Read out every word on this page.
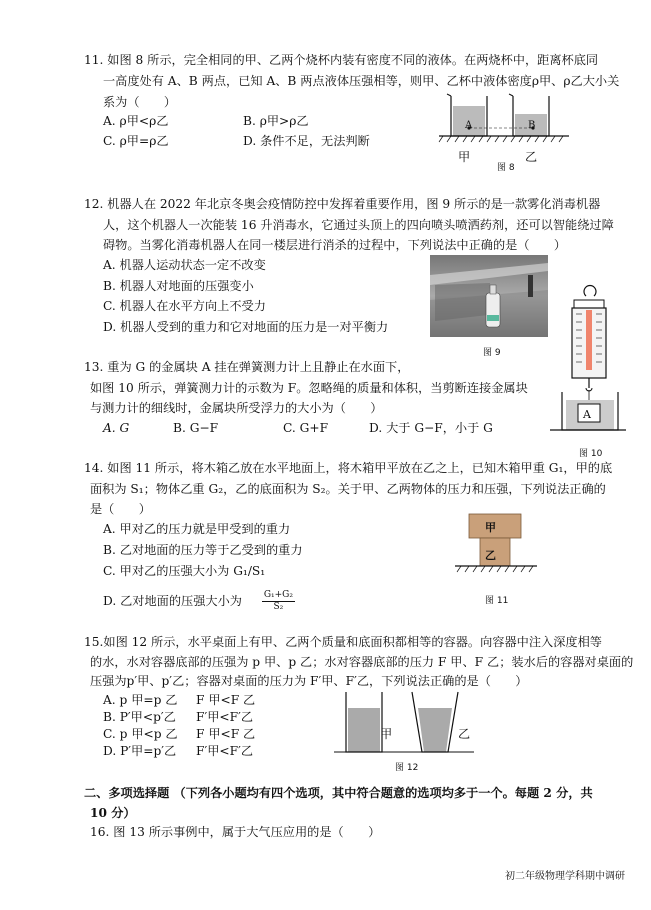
11. 如图 8 所示，完全相同的甲、乙两个烧杯内装有密度不同的液体。在两烧杯中，距离杯底同
一高度处有 A、B 两点，已知 A、B 两点液体压强相等，则甲、乙杯中液体密度ρ甲、ρ乙大小关
系为（　　）
A. ρ甲<ρ乙	B. ρ甲>ρ乙
C. ρ甲=ρ乙	D. 条件不足，无法判断
A	B
甲
图 8
乙
12. 机器人在 2022 年北京冬奥会疫情防控中发挥着重要作用，图 9 所示的是一款雾化消毒机器
人，这个机器人一次能装 16 升消毒水，它通过头顶上的四向喷头喷洒药剂，还可以智能绕过障
碍物。当雾化消毒机器人在同一楼层进行消杀的过程中，下列说法中正确的是（　　）
A. 机器人运动状态一定不改变
B. 机器人对地面的压强变小
C. 机器人在水平方向上不受力
D. 机器人受到的重力和它对地面的压力是一对平衡力
图 9
13. 重为 G 的金属块 A 挂在弹簧测力计上且静止在水面下，
如图 10 所示，弹簧测力计的示数为 F。忽略绳的质量和体积，当剪断连接金属块
与测力计的细线时，金属块所受浮力的大小为（　　）
A. G	B. G−F	C. G+F	D. 大于 G−F，小于 G
A
图 10
14. 如图 11 所示，将木箱乙放在水平地面上，将木箱甲平放在乙之上，已知木箱甲重 G₁，甲的底
面积为 S₁；物体乙重 G₂，乙的底面积为 S₂。关于甲、乙两物体的压力和压强，下列说法正确的
是（　　）
A. 甲对乙的压力就是甲受到的重力
B. 乙对地面的压力等于乙受到的重力
C. 甲对乙的压强大小为 G₁/S₁
D. 乙对地面的压强大小为 $\frac{\text{G₁+G₂}}{\text{S₂}}$
甲
乙
图 11
15.如图 12 所示，水平桌面上有甲、乙两个质量和底面积都相等的容器。向容器中注入深度相等
的水，水对容器底部的压强为 p 甲、p 乙；水对容器底部的压力 F 甲、F 乙；装水后的容器对桌面的
压强为p′甲、p′乙；容器对桌面的压力为 F′甲、F′乙，下列说法正确的是（　　）
A. p 甲=p 乙 F 甲<F 乙
B. P′甲<p′乙 F′甲<F′乙
C. p 甲<p 乙 F 甲<F 乙
D. P′甲=p′乙 F′甲<F′乙
甲	乙
图 12
二、多项选择题 （下列各小题均有四个选项，其中符合题意的选项均多于一个。每题 2 分，共
10 分）
16. 图 13 所示事例中，属于大气压应用的是（　　）
初二年级物理学科期中调研
